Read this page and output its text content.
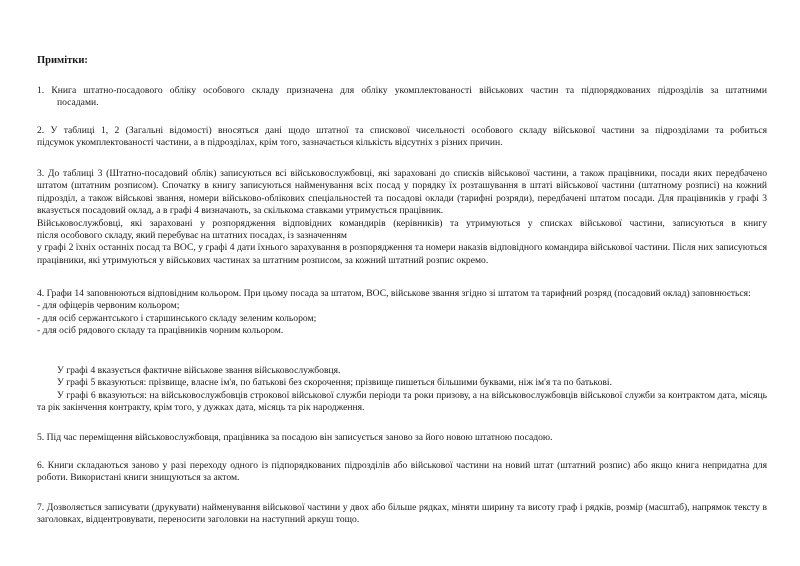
Примітки:

1. Книга штатно-посадового обліку особового складу призначена для обліку укомплектованості військових частин та підпорядкованих підрозділів за штатними

посадами.

2. У таблиці 1, 2 (Загальні відомості) вносяться дані щодо штатної та спискової чисельності особового складу військової частини за підрозділами та робиться

підсумок укомплектованості частини, а в підрозділах, крім того, зазначається кількість відсутніх з різних причин.

3. До таблиці 3 (Штатно-посадовий облік) записуються всі військовослужбовці, які зараховані до списків військової частини, а також працівники, посади яких передбачено штатом (штатним розписом). Спочатку в книгу записуються найменування всіх посад у порядку їх розташування в штаті військової частини (штатному розписі) на кожний підрозділ, а також військові звання, номери військово-облікових спеціальностей та посадові оклади (тарифні розряди), передбачені штатом посади. Для працівників у графі 3 вказується посадовий оклад, а в графі 4 визначають, за скількома ставками утримується працівник.

Військовослужбовці, які зараховані у розпорядження відповідних командирів (керівників) та утримуються у списках військової частини, записуються в книгу

після особового складу, який перебуває на штатних посадах, із зазначенням

у графі 2 їхніх останніх посад та ВОС, у графі 4 дати їхнього зарахування в розпорядження та номери наказів відповідного командира військової частини. Після них записуються працівники, які утримуються у військових частинах за штатним розписом, за кожний штатний розпис окремо.

4. Графи 14 заповнюються відповідним кольором. При цьому посада за штатом, ВОС, військове звання згідно зі штатом та тарифний розряд (посадовий оклад) заповнюється:

- для офіцерів червоним кольором;

- для осіб сержантського і старшинського складу зеленим кольором;

- для осіб рядового складу та працівників чорним кольором.

У графі 4 вказується фактичне військове звання військовослужбовця.

У графі 5 вказуються: прізвище, власне ім'я, по батькові без скорочення; прізвище пишеться більшими буквами, ніж ім'я та по батькові.

У графі 6 вказуються: на військовослужбовців строкової військової служби періоди та роки призову, а на військовослужбовців військової служби за контрактом дата, місяць та рік закінчення контракту, крім того, у дужках дата, місяць та рік народження.

5. Під час переміщення військовослужбовця, працівника за посадою він записується заново за його новою штатною посадою.

6. Книги складаються заново у разі переходу одного із підпорядкованих підрозділів або військової частини на новий штат (штатний розпис) або якщо книга непридатна для роботи. Використані книги знищуються за актом.

7. Дозволяється записувати (друкувати) найменування військової частини у двох або більше рядках, міняти ширину та висоту граф і рядків, розмір (масштаб), напрямок тексту в заголовках, відцентровувати, переносити заголовки на наступний аркуш тощо.
